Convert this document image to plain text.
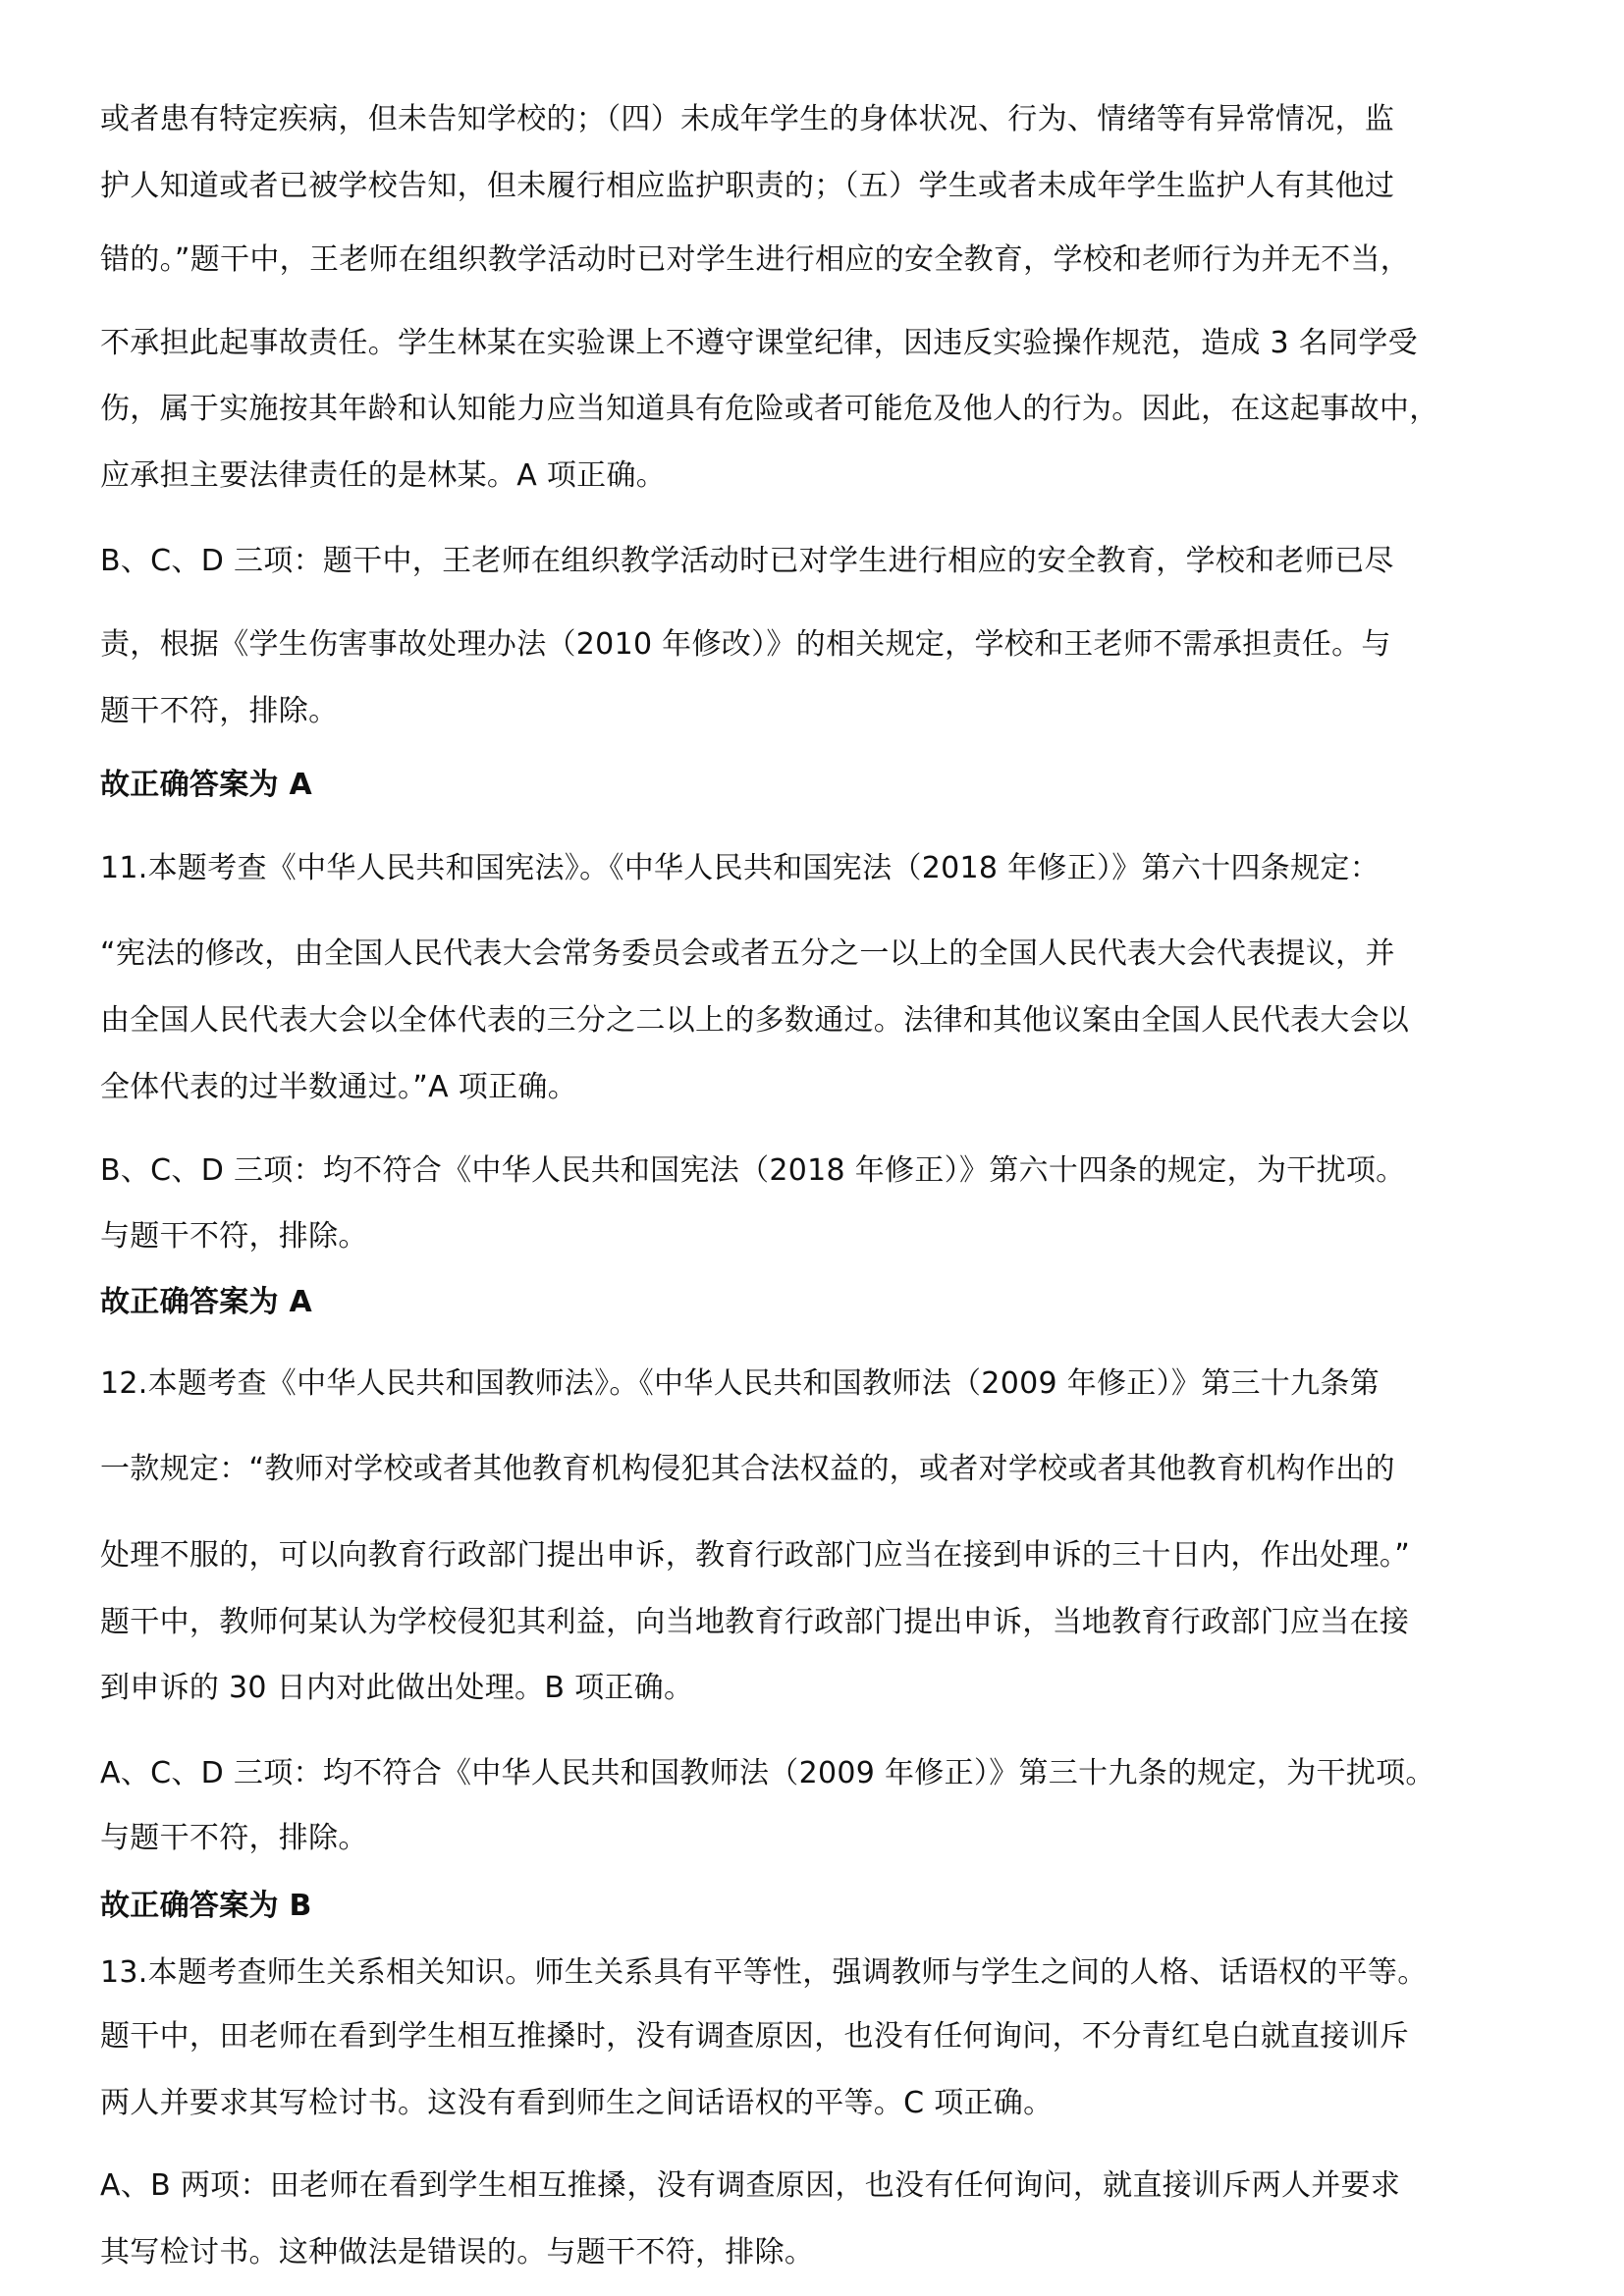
或者患有特定疾病，但未告知学校的；（四）未成年学生的身体状况、行为、情绪等有异常情况，监

护人知道或者已被学校告知，但未履行相应监护职责的；（五）学生或者未成年学生监护人有其他过

错的。”题干中，王老师在组织教学活动时已对学生进行相应的安全教育，学校和老师行为并无不当，

不承担此起事故责任。学生林某在实验课上不遵守课堂纪律，因违反实验操作规范，造成 3 名同学受

伤，属于实施按其年龄和认知能力应当知道具有危险或者可能危及他人的行为。因此，在这起事故中，

应承担主要法律责任的是林某。A 项正确。

B、C、D 三项：题干中，王老师在组织教学活动时已对学生进行相应的安全教育，学校和老师已尽

责，根据《学生伤害事故处理办法（2010 年修改）》的相关规定，学校和王老师不需承担责任。与

题干不符，排除。

故正确答案为 A

11.本题考查《中华人民共和国宪法》。《中华人民共和国宪法（2018 年修正）》第六十四条规定：

“宪法的修改，由全国人民代表大会常务委员会或者五分之一以上的全国人民代表大会代表提议，并

由全国人民代表大会以全体代表的三分之二以上的多数通过。法律和其他议案由全国人民代表大会以

全体代表的过半数通过。”A 项正确。

B、C、D 三项：均不符合《中华人民共和国宪法（2018 年修正）》第六十四条的规定，为干扰项。

与题干不符，排除。

故正确答案为 A

12.本题考查《中华人民共和国教师法》。《中华人民共和国教师法（2009 年修正）》第三十九条第

一款规定：“教师对学校或者其他教育机构侵犯其合法权益的，或者对学校或者其他教育机构作出的

处理不服的，可以向教育行政部门提出申诉，教育行政部门应当在接到申诉的三十日内，作出处理。”

题干中，教师何某认为学校侵犯其利益，向当地教育行政部门提出申诉，当地教育行政部门应当在接

到申诉的 30 日内对此做出处理。B 项正确。

A、C、D 三项：均不符合《中华人民共和国教师法（2009 年修正）》第三十九条的规定，为干扰项。

与题干不符，排除。

故正确答案为 B

13.本题考查师生关系相关知识。师生关系具有平等性，强调教师与学生之间的人格、话语权的平等。

题干中，田老师在看到学生相互推搡时，没有调查原因，也没有任何询问，不分青红皂白就直接训斥

两人并要求其写检讨书。这没有看到师生之间话语权的平等。C 项正确。

A、B 两项：田老师在看到学生相互推搡，没有调查原因，也没有任何询问，就直接训斥两人并要求

其写检讨书。这种做法是错误的。与题干不符，排除。
